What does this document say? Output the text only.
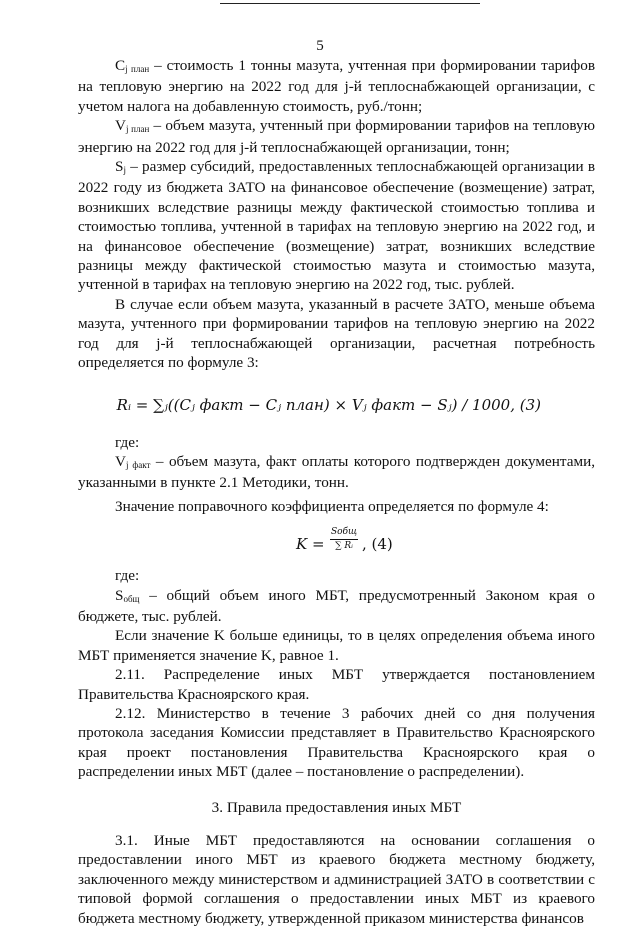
5

Cj план – стоимость 1 тонны мазута, учтенная при формировании тарифов на тепловую энергию на 2022 год для j-й теплоснабжающей организации, с учетом налога на добавленную стоимость, руб./тонн;

Vj план – объем мазута, учтенный при формировании тарифов на тепловую энергию на 2022 год для j-й теплоснабжающей организации, тонн;

Sj – размер субсидий, предоставленных теплоснабжающей организации в 2022 году из бюджета ЗАТО на финансовое обеспечение (возмещение) затрат, возникших вследствие разницы между фактической стоимостью топлива и стоимостью топлива, учтенной в тарифах на тепловую энергию на 2022 год, и на финансовое обеспечение (возмещение) затрат, возникших вследствие разницы между фактической стоимостью мазута и стоимостью мазута, учтенной в тарифах на тепловую энергию на 2022 год, тыс. рублей.

В случае если объем мазута, указанный в расчете ЗАТО, меньше объема мазута, учтенного при формировании тарифов на тепловую энергию на 2022 год для j-й теплоснабжающей организации, расчетная потребность определяется по формуле 3:

Rᵢ = ∑ⱼ((Cⱼ факт − Cⱼ план) × Vⱼ факт − Sⱼ) / 1000, (3)

где:

Vj факт – объем мазута, факт оплаты которого подтвержден документами, указанными в пункте 2.1 Методики, тонн.

Значение поправочного коэффициента определяется по формуле 4:

K =
Sобщ
∑ Rᵢ , (4)

где:

Sобщ – общий объем иного МБТ, предусмотренный Законом края о бюджете, тыс. рублей.

Если значение K больше единицы, то в целях определения объема иного МБТ применяется значение K, равное 1.

2.11. Распределение иных МБТ утверждается постановлением Правительства Красноярского края.

2.12. Министерство в течение 3 рабочих дней со дня получения протокола заседания Комиссии представляет в Правительство Красноярского края проект постановления Правительства Красноярского края о распределении иных МБТ (далее – постановление о распределении).

3. Правила предоставления иных МБТ

3.1. Иные МБТ предоставляются на основании соглашения о предоставлении иного МБТ из краевого бюджета местному бюджету, заключенного между министерством и администрацией ЗАТО в соответствии с типовой формой соглашения о предоставлении иных МБТ из краевого бюджета местному бюджету, утвержденной приказом министерства финансов
